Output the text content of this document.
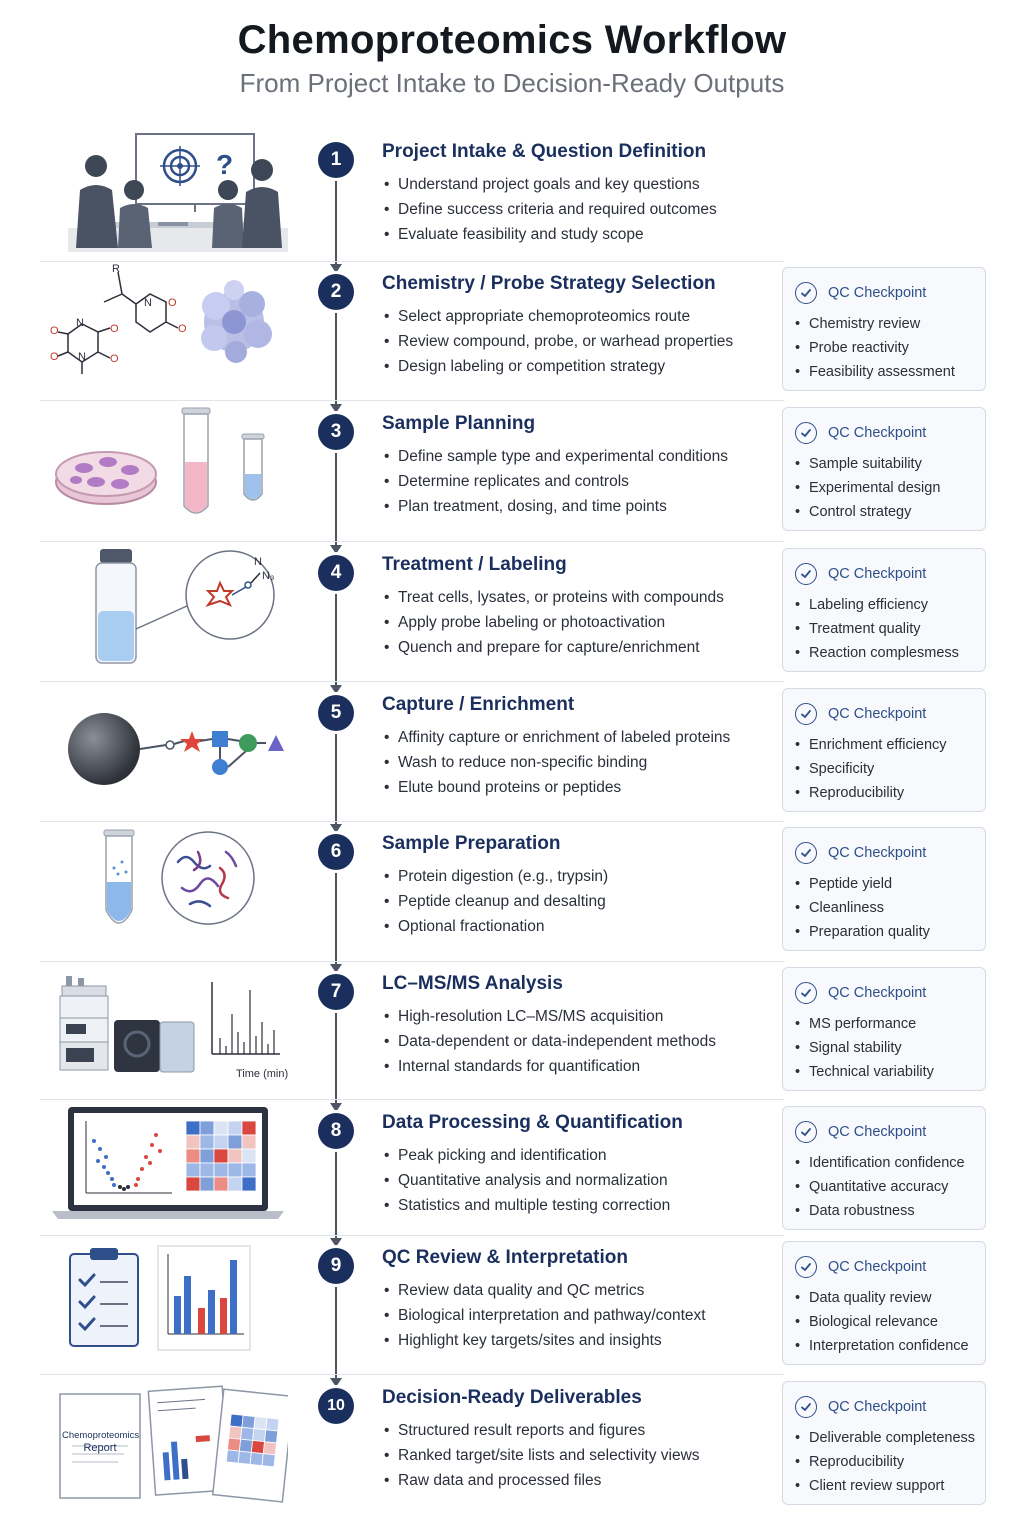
Chemoproteomics Workflow
From Project Intake to Decision-Ready Outputs
?	1	Project Intake & Question Definition
• Understand project goals and key questions
• Define success criteria and required outcomes
• Evaluate feasibility and study scope
R
N O
O
N O
O
O N O
2	Chemistry / Probe Strategy Selection
• Select appropriate chemoproteomics route
• Review compound, probe, or warhead properties
• Design labeling or competition strategy
QC Checkpoint
• Chemistry review
• Probe reactivity
• Feasibility assessment
3	Sample Planning
• Define sample type and experimental conditions
• Determine replicates and controls
• Plan treatment, dosing, and time points
QC Checkpoint
• Sample suitability
• Experimental design
• Control strategy
N
N₃	4	Treatment / Labeling
• Treat cells, lysates, or proteins with compounds
• Apply probe labeling or photoactivation
• Quench and prepare for capture/enrichment
QC Checkpoint
• Labeling efficiency
• Treatment quality
• Reaction complesmess
5	Capture / Enrichment
• Affinity capture or enrichment of labeled proteins
• Wash to reduce non-specific binding
• Elute bound proteins or peptides
QC Checkpoint
• Enrichment efficiency
• Specificity
• Reproducibility
6	Sample Preparation
• Protein digestion (e.g., trypsin)
• Peptide cleanup and desalting
• Optional fractionation
QC Checkpoint
• Peptide yield
• Cleanliness
• Preparation quality
Time (min)
7	LC–MS/MS Analysis
• High-resolution LC–MS/MS acquisition
• Data-dependent or data-independent methods
• Internal standards for quantification
QC Checkpoint
• MS performance
• Signal stability
• Technical variability
8	Data Processing & Quantification
• Peak picking and identification
• Quantitative analysis and normalization
• Statistics and multiple testing correction
QC Checkpoint
• Identification confidence
• Quantitative accuracy
• Data robustness
9	QC Review & Interpretation
• Review data quality and QC metrics
• Biological interpretation and pathway/context
• Highlight key targets/sites and insights
QC Checkpoint
• Data quality review
• Biological relevance
• Interpretation confidence
Chemoproteomics
Report
10	Decision-Ready Deliverables
• Structured result reports and figures
• Ranked target/site lists and selectivity views
• Raw data and processed files
QC Checkpoint
• Deliverable completeness
• Reproducibility
• Client review support
